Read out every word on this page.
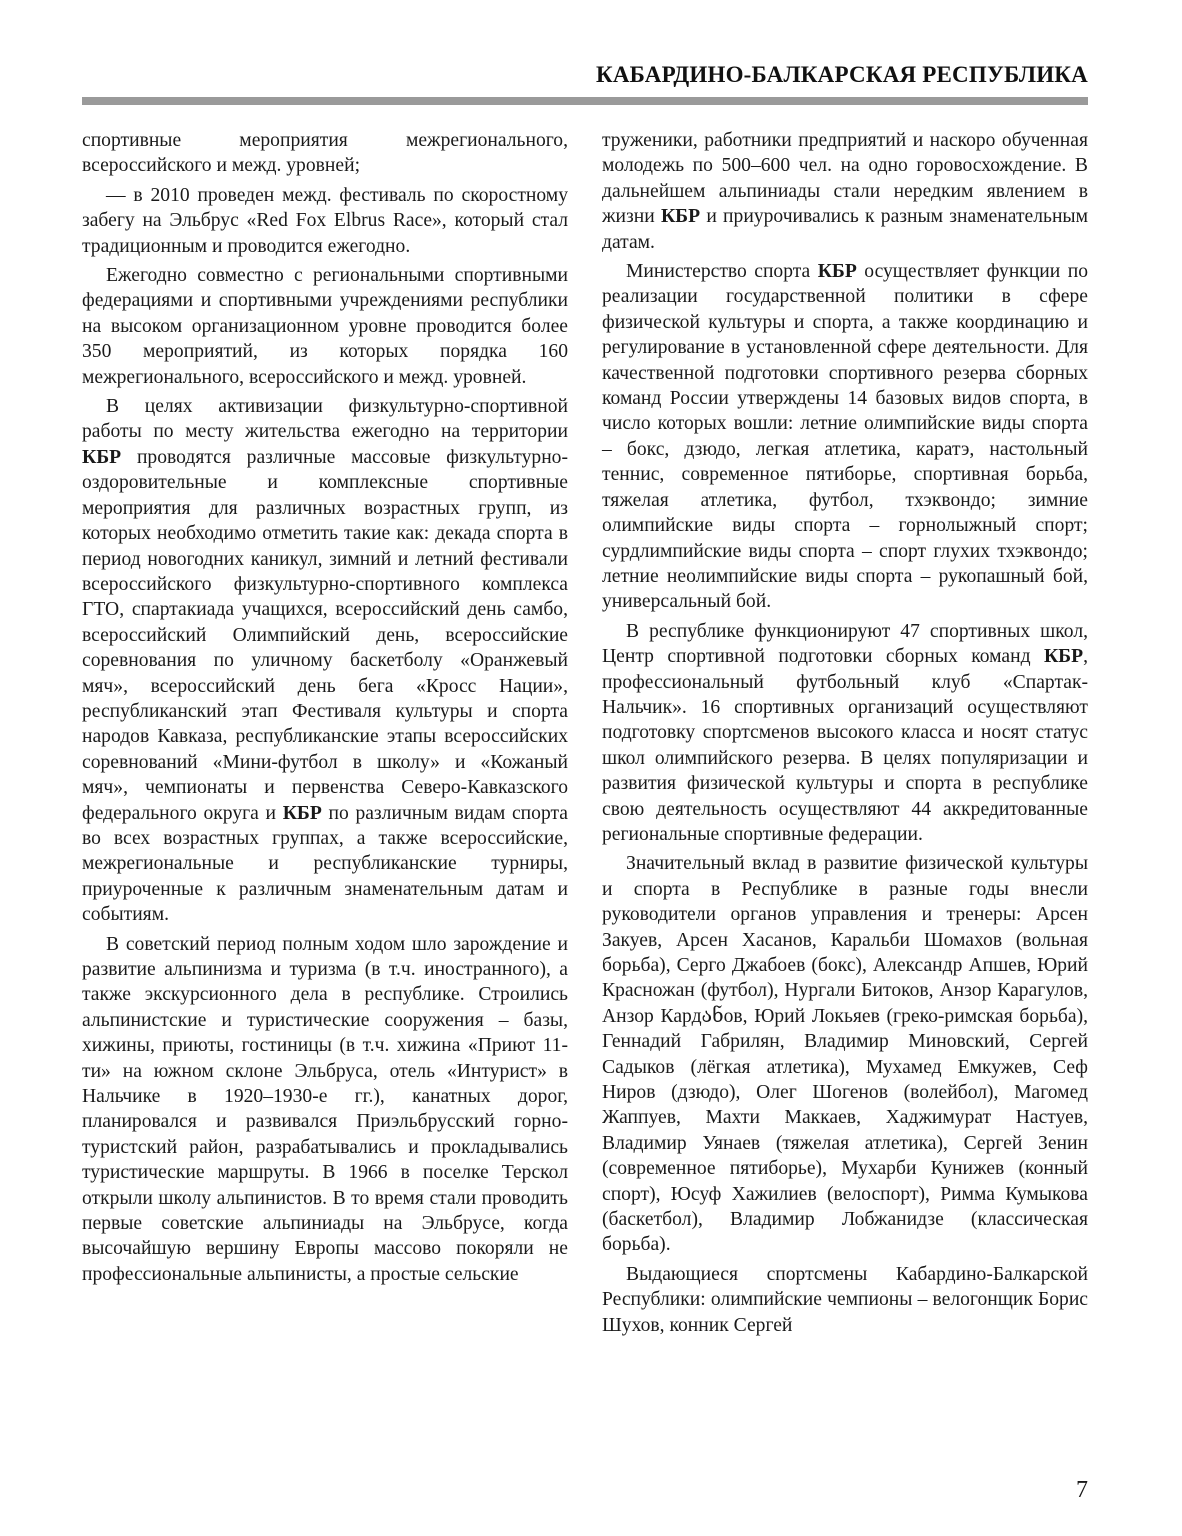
КАБАРДИНО-БАЛКАРСКАЯ РЕСПУБЛИКА

спортивные мероприятия межрегионального, всероссийского и межд. уровней;

— в 2010 проведен межд. фестиваль по скоростному забегу на Эльбрус «Red Fox Elbrus Race», который стал традиционным и проводится ежегодно.

Ежегодно совместно с региональными спортивными федерациями и спортивными учреждениями республики на высоком организационном уровне проводится более 350 мероприятий, из которых порядка 160 межрегионального, всероссийского и межд. уровней.

В целях активизации физкультурно-спортивной работы по месту жительства ежегодно на территории КБР проводятся различные массовые физкультурно-оздоровительные и комплексные спортивные мероприятия для различных возрастных групп, из которых необходимо отметить такие как: декада спорта в период новогодних каникул, зимний и летний фестивали всероссийского физкультурно-спортивного комплекса ГТО, спартакиада учащихся, всероссийский день самбо, всероссийский Олимпийский день, всероссийские соревнования по уличному баскетболу «Оранжевый мяч», всероссийский день бега «Кросс Нации», республиканский этап Фестиваля культуры и спорта народов Кавказа, республиканские этапы всероссийских соревнований «Мини-футбол в школу» и «Кожаный мяч», чемпионаты и первенства Северо-Кавказского федерального округа и КБР по различным видам спорта во всех возрастных группах, а также всероссийские, межрегиональные и республиканские турниры, приуроченные к различным знаменательным датам и событиям.

В советский период полным ходом шло зарождение и развитие альпинизма и туризма (в т.ч. иностранного), а также экскурсионного дела в республике. Строились альпинистские и туристические сооружения – базы, хижины, приюты, гостиницы (в т.ч. хижина «Приют 11-ти» на южном склоне Эльбруса, отель «Интурист» в Нальчике в 1920–1930-е гг.), канатных дорог, планировался и развивался Приэльбрусский горно-туристский район, разрабатывались и прокладывались туристические маршруты. В 1966 в поселке Терскол открыли школу альпинистов. В то время стали проводить первые советские альпиниады на Эльбрусе, когда высочайшую вершину Европы массово покоряли не профессиональные альпинисты, а простые сельские

труженики, работники предприятий и наскоро обученная молодежь по 500–600 чел. на одно горовосхождение. В дальнейшем альпиниады стали нередким явлением в жизни КБР и приурочивались к разным знаменательным датам.

Министерство спорта КБР осуществляет функции по реализации государственной политики в сфере физической культуры и спорта, а также координацию и регулирование в установленной сфере деятельности. Для качественной подготовки спортивного резерва сборных команд России утверждены 14 базовых видов спорта, в число которых вошли: летние олимпийские виды спорта – бокс, дзюдо, легкая атлетика, каратэ, настольный теннис, современное пятиборье, спортивная борьба, тяжелая атлетика, футбол, тхэквондо; зимние олимпийские виды спорта – горнолыжный спорт; сурдлимпийские виды спорта – спорт глухих тхэквондо; летние неолимпийские виды спорта – рукопашный бой, универсальный бой.

В республике функционируют 47 спортивных школ, Центр спортивной подготовки сборных команд КБР, профессиональный футбольный клуб «Спартак-Нальчик». 16 спортивных организаций осуществляют подготовку спортсменов высокого класса и носят статус школ олимпийского резерва. В целях популяризации и развития физической культуры и спорта в республике свою деятельность осуществляют 44 аккредитованные региональные спортивные федерации.

Значительный вклад в развитие физической культуры и спорта в Республике в разные годы внесли руководители органов управления и тренеры: Арсен Закуев, Арсен Хасанов, Каральби Шомахов (вольная борьба), Серго Джабоев (бокс), Александр Апшев, Юрий Красножан (футбол), Нургали Битоков, Анзор Карагулов, Анзор Кардანов, Юрий Локьяев (греко-римская борьба), Геннадий Габрилян, Владимир Миновский, Сергей Садыков (лёгкая атлетика), Мухамед Емкужев, Сеф Ниров (дзюдо), Олег Шогенов (волейбол), Магомед Жаппуев, Махти Маккаев, Хаджимурат Настуев, Владимир Уянаев (тяжелая атлетика), Сергей Зенин (современное пятиборье), Мухарби Кунижев (конный спорт), Юсуф Хажилиев (велоспорт), Римма Кумыкова (баскетбол), Владимир Лобжанидзе (классическая борьба).

Выдающиеся спортсмены Кабардино-Балкарской Республики: олимпийские чемпионы – велогонщик Борис Шухов, конник Сергей

7
